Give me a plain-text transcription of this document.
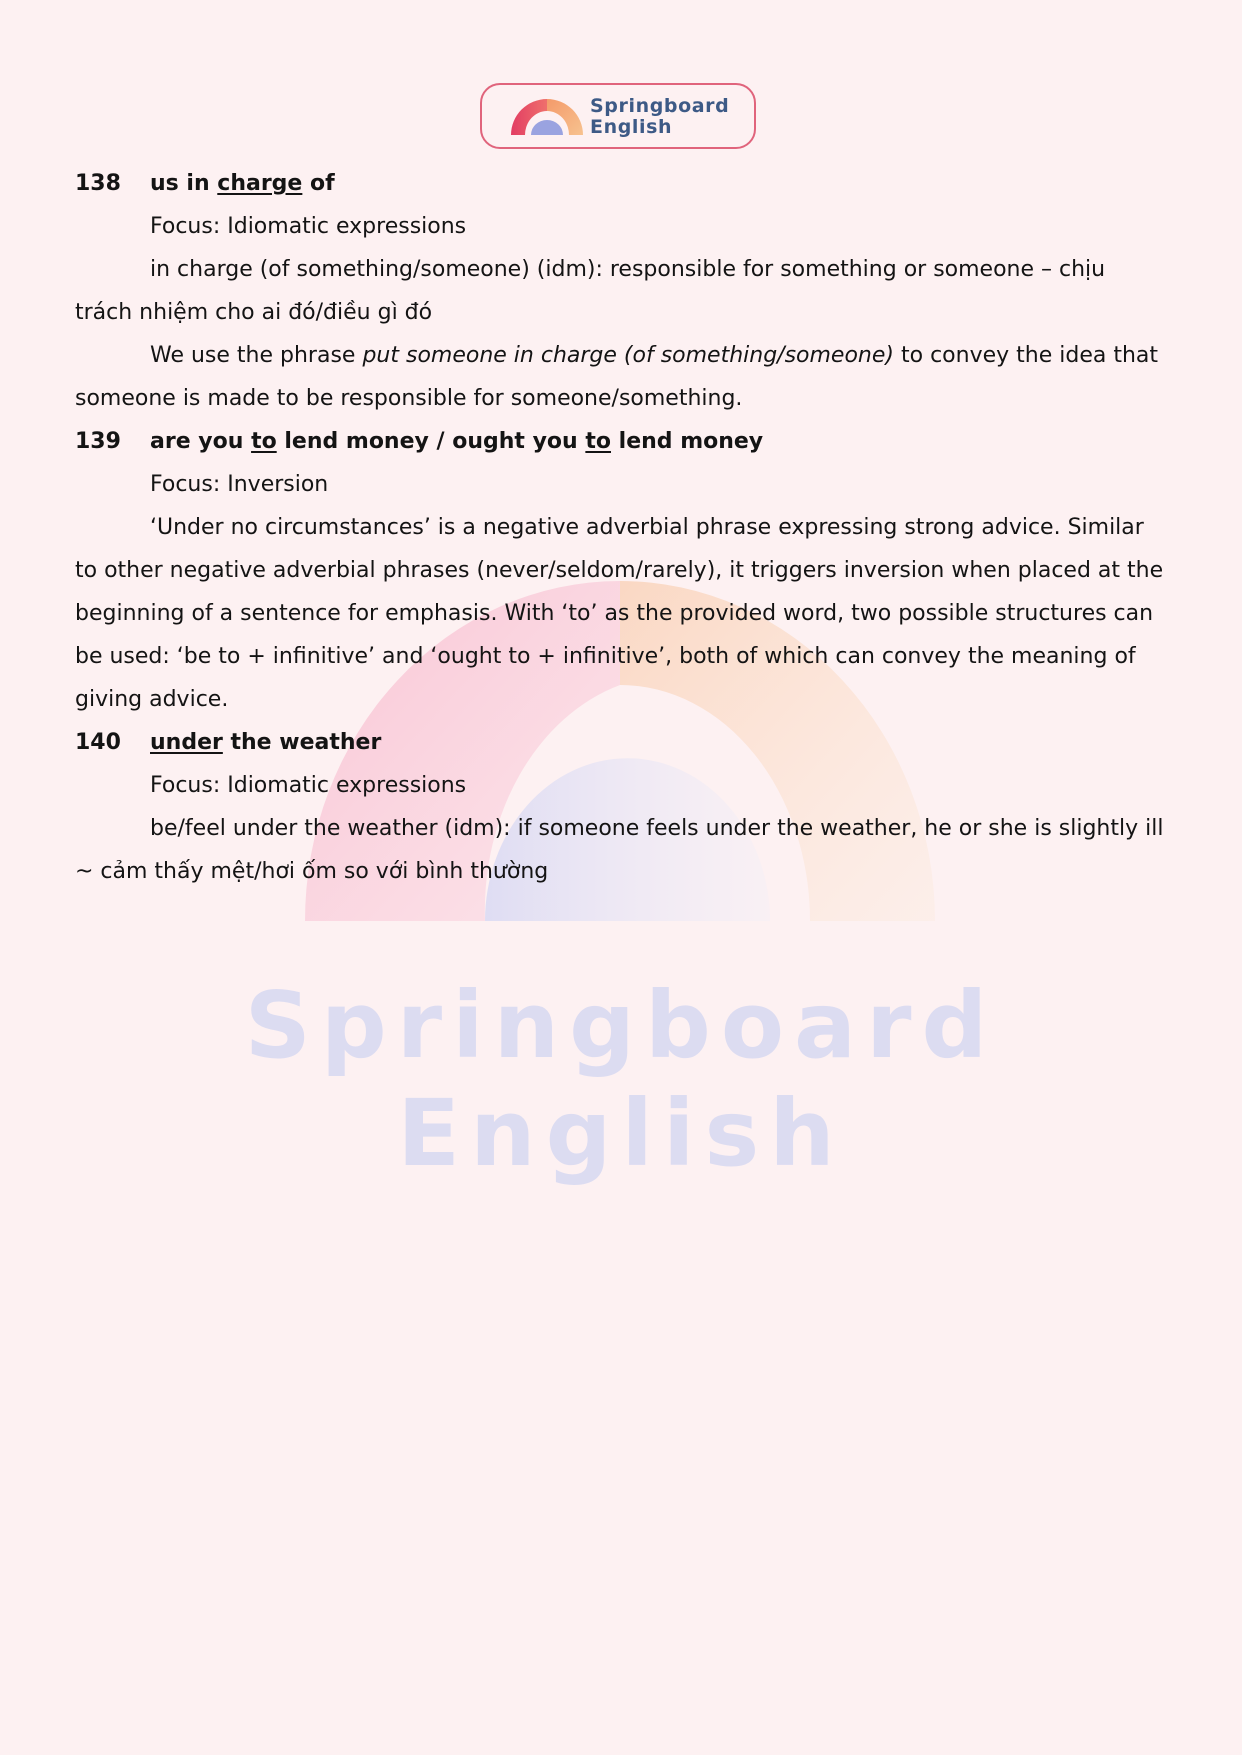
Springboard
English
Springboard
English
138 us in charge of

Focus: Idiomatic expressions

in charge (of something/someone) (idm): responsible for something or someone – chịu trách nhiệm cho ai đó/điều gì đó

We use the phrase put someone in charge (of something/someone) to convey the idea that someone is made to be responsible for someone/something.

139 are you to lend money / ought you to lend money

Focus: Inversion

‘Under no circumstances’ is a negative adverbial phrase expressing strong advice. Similar to other negative adverbial phrases (never/seldom/rarely), it triggers inversion when placed at the beginning of a sentence for emphasis. With ‘to’ as the provided word, two possible structures can be used: ‘be to + infinitive’ and ‘ought to + infinitive’, both of which can convey the meaning of giving advice.

140 under the weather

Focus: Idiomatic expressions

be/feel under the weather (idm): if someone feels under the weather, he or she is slightly ill ~ cảm thấy mệt/hơi ốm so với bình thường
